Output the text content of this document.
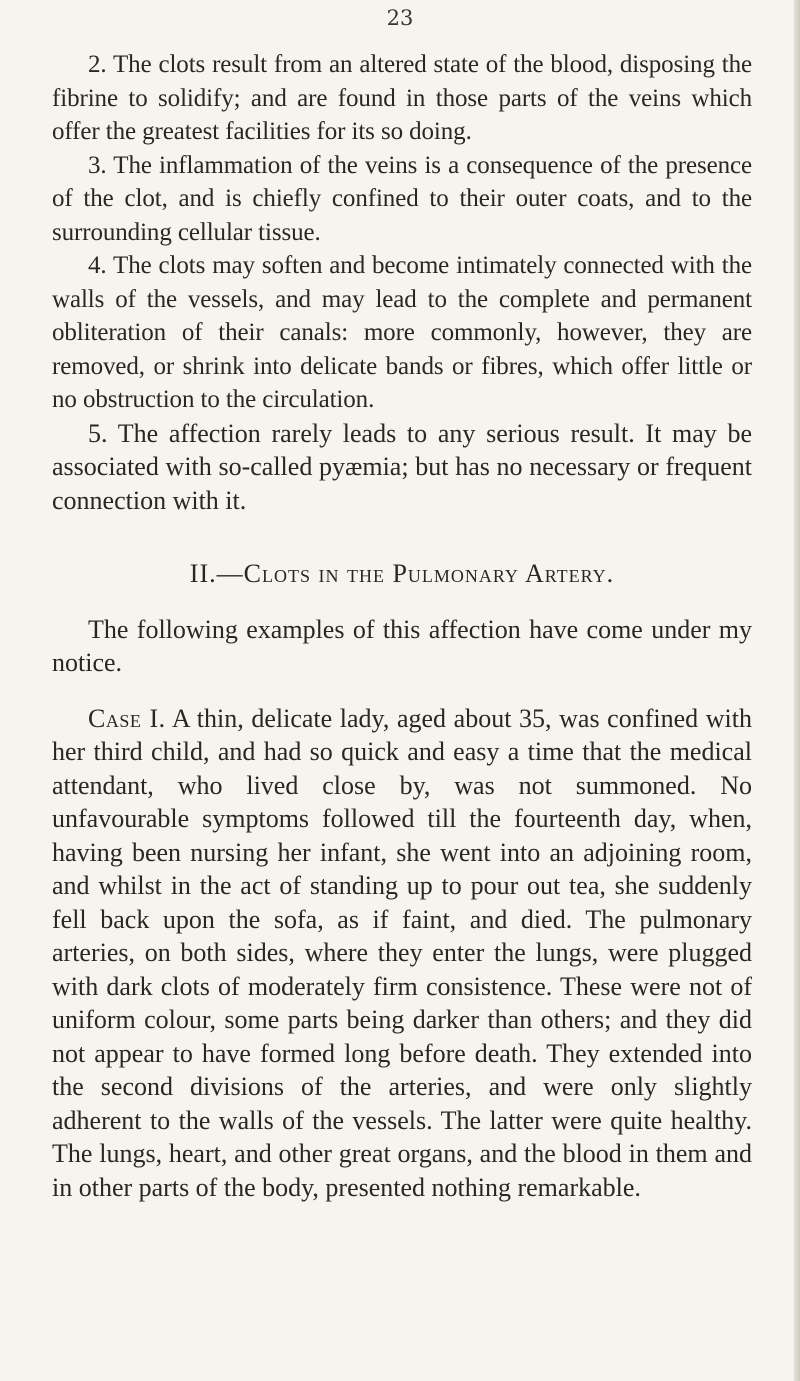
23

2. The clots result from an altered state of the blood, disposing the fibrine to solidify; and are found in those parts of the veins which offer the greatest facilities for its so doing.

3. The inflammation of the veins is a consequence of the presence of the clot, and is chiefly confined to their outer coats, and to the surrounding cellular tissue.

4. The clots may soften and become intimately connected with the walls of the vessels, and may lead to the complete and permanent obliteration of their canals: more commonly, however, they are removed, or shrink into delicate bands or fibres, which offer little or no obstruction to the circulation.

5. The affection rarely leads to any serious result. It may be associated with so-called pyæmia; but has no necessary or frequent connection with it.

II.—Clots in the Pulmonary Artery.

The following examples of this affection have come under my notice.

Case I. A thin, delicate lady, aged about 35, was confined with her third child, and had so quick and easy a time that the medical attendant, who lived close by, was not summoned. No unfavourable symptoms followed till the fourteenth day, when, having been nursing her infant, she went into an adjoining room, and whilst in the act of standing up to pour out tea, she suddenly fell back upon the sofa, as if faint, and died. The pulmonary arteries, on both sides, where they enter the lungs, were plugged with dark clots of moderately firm consistence. These were not of uniform colour, some parts being darker than others; and they did not appear to have formed long before death. They extended into the second divisions of the arteries, and were only slightly adherent to the walls of the vessels. The latter were quite healthy. The lungs, heart, and other great organs, and the blood in them and in other parts of the body, presented nothing remarkable.
